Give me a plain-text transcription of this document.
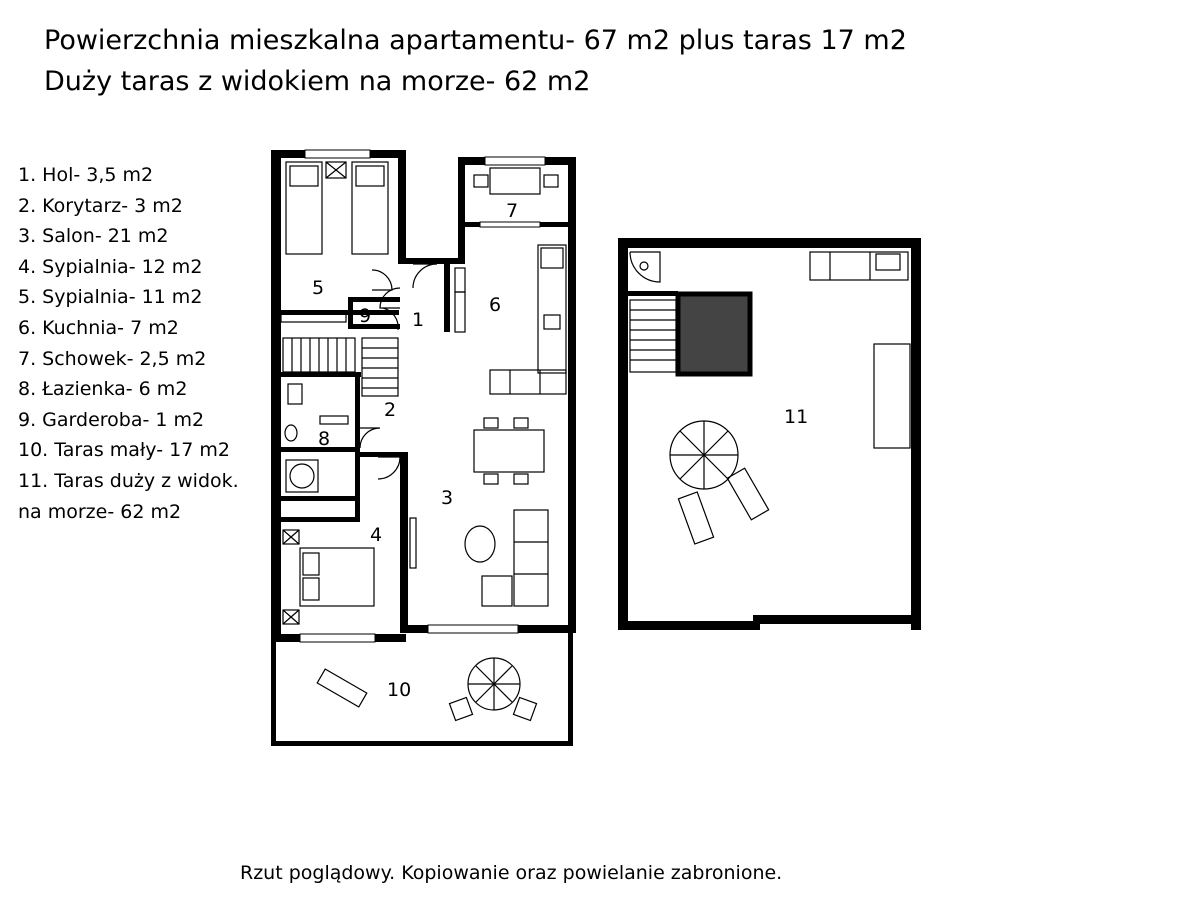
Powierzchnia mieszkalna apartamentu- 67 m2 plus taras 17 m2
Duży taras z widokiem na morze- 62 m2
1. Hol- 3,5 m2
2. Korytarz- 3 m2
3. Salon- 21 m2
4. Sypialnia- 12 m2
5. Sypialnia- 11 m2
6. Kuchnia- 7 m2
7. Schowek- 2,5 m2
8. Łazienka- 6 m2
9. Garderoba- 1 m2
10. Taras mały- 17 m2
11. Taras duży z widok.
na morze- 62 m2
1
2
3
4
5
6
7
8
9
10
11
Rzut poglądowy. Kopiowanie oraz powielanie zabronione.
